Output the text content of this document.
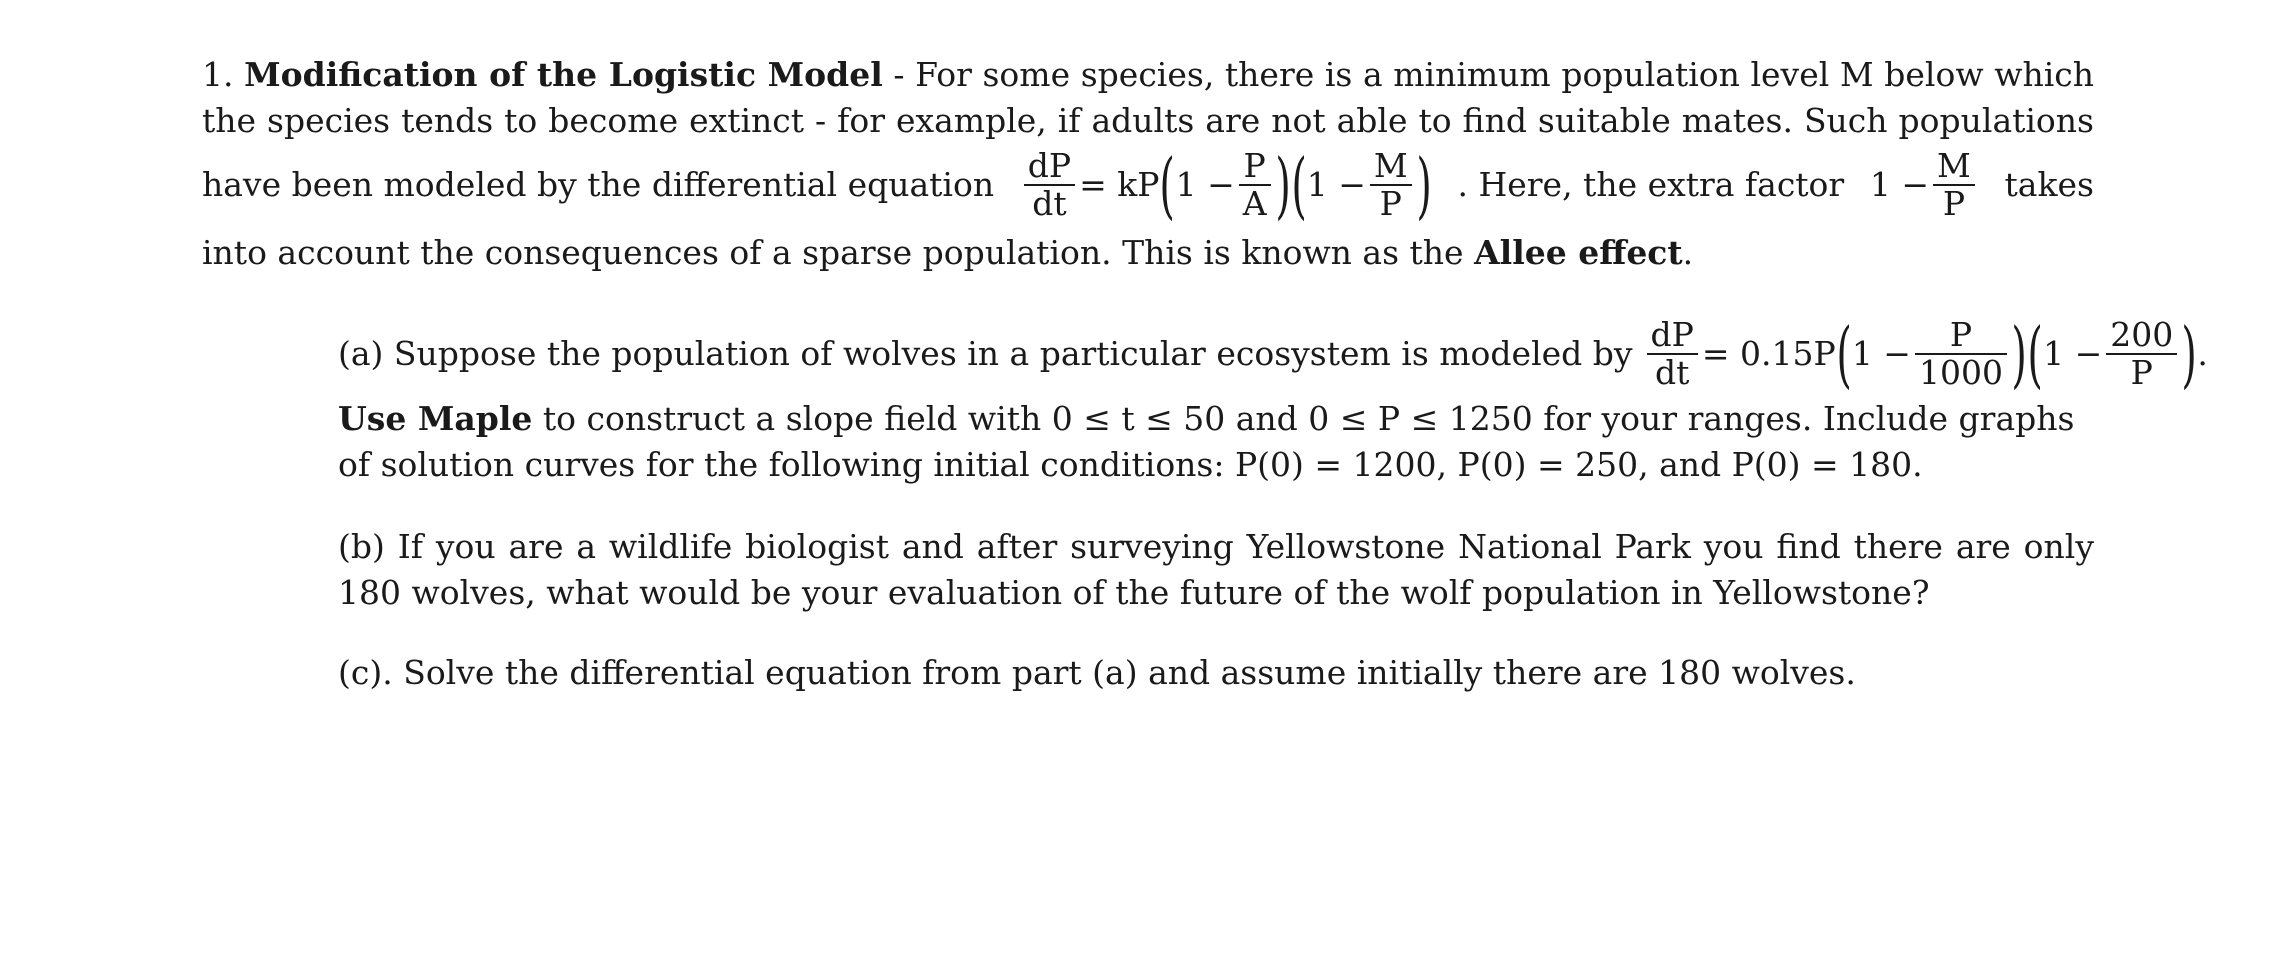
1. Modification of the Logistic Model - For some species, there is a minimum population level M below which
the species tends to become extinct - for example, if adults are not able to find suitable mates. Such populations
have been modeled by the differential equation $\frac{dP}{dt}$ = kP ( $1 - \frac{P}{A}$ ) ( $1 - \frac{M}{P}$ ) . Here, the extra factor $1 - \frac{M}{P}$ takes
into account the consequences of a sparse population. This is known as the Allee effect.
(a) Suppose the population of wolves in a particular ecosystem is modeled by $\frac{dP}{dt} = 0.15P$ ( $1 - \frac{P}{1000}$ ) ( $1 - \frac{200}{P}$ ) .
Use Maple to construct a slope field with 0 ≤ t ≤ 50 and 0 ≤ P ≤ 1250 for your ranges. Include graphs
of solution curves for the following initial conditions: P(0) = 1200, P(0) = 250, and P(0) = 180.
(b) If you are a wildlife biologist and after surveying Yellowstone National Park you find there are only
180 wolves, what would be your evaluation of the future of the wolf population in Yellowstone?
(c). Solve the differential equation from part (a) and assume initially there are 180 wolves.
